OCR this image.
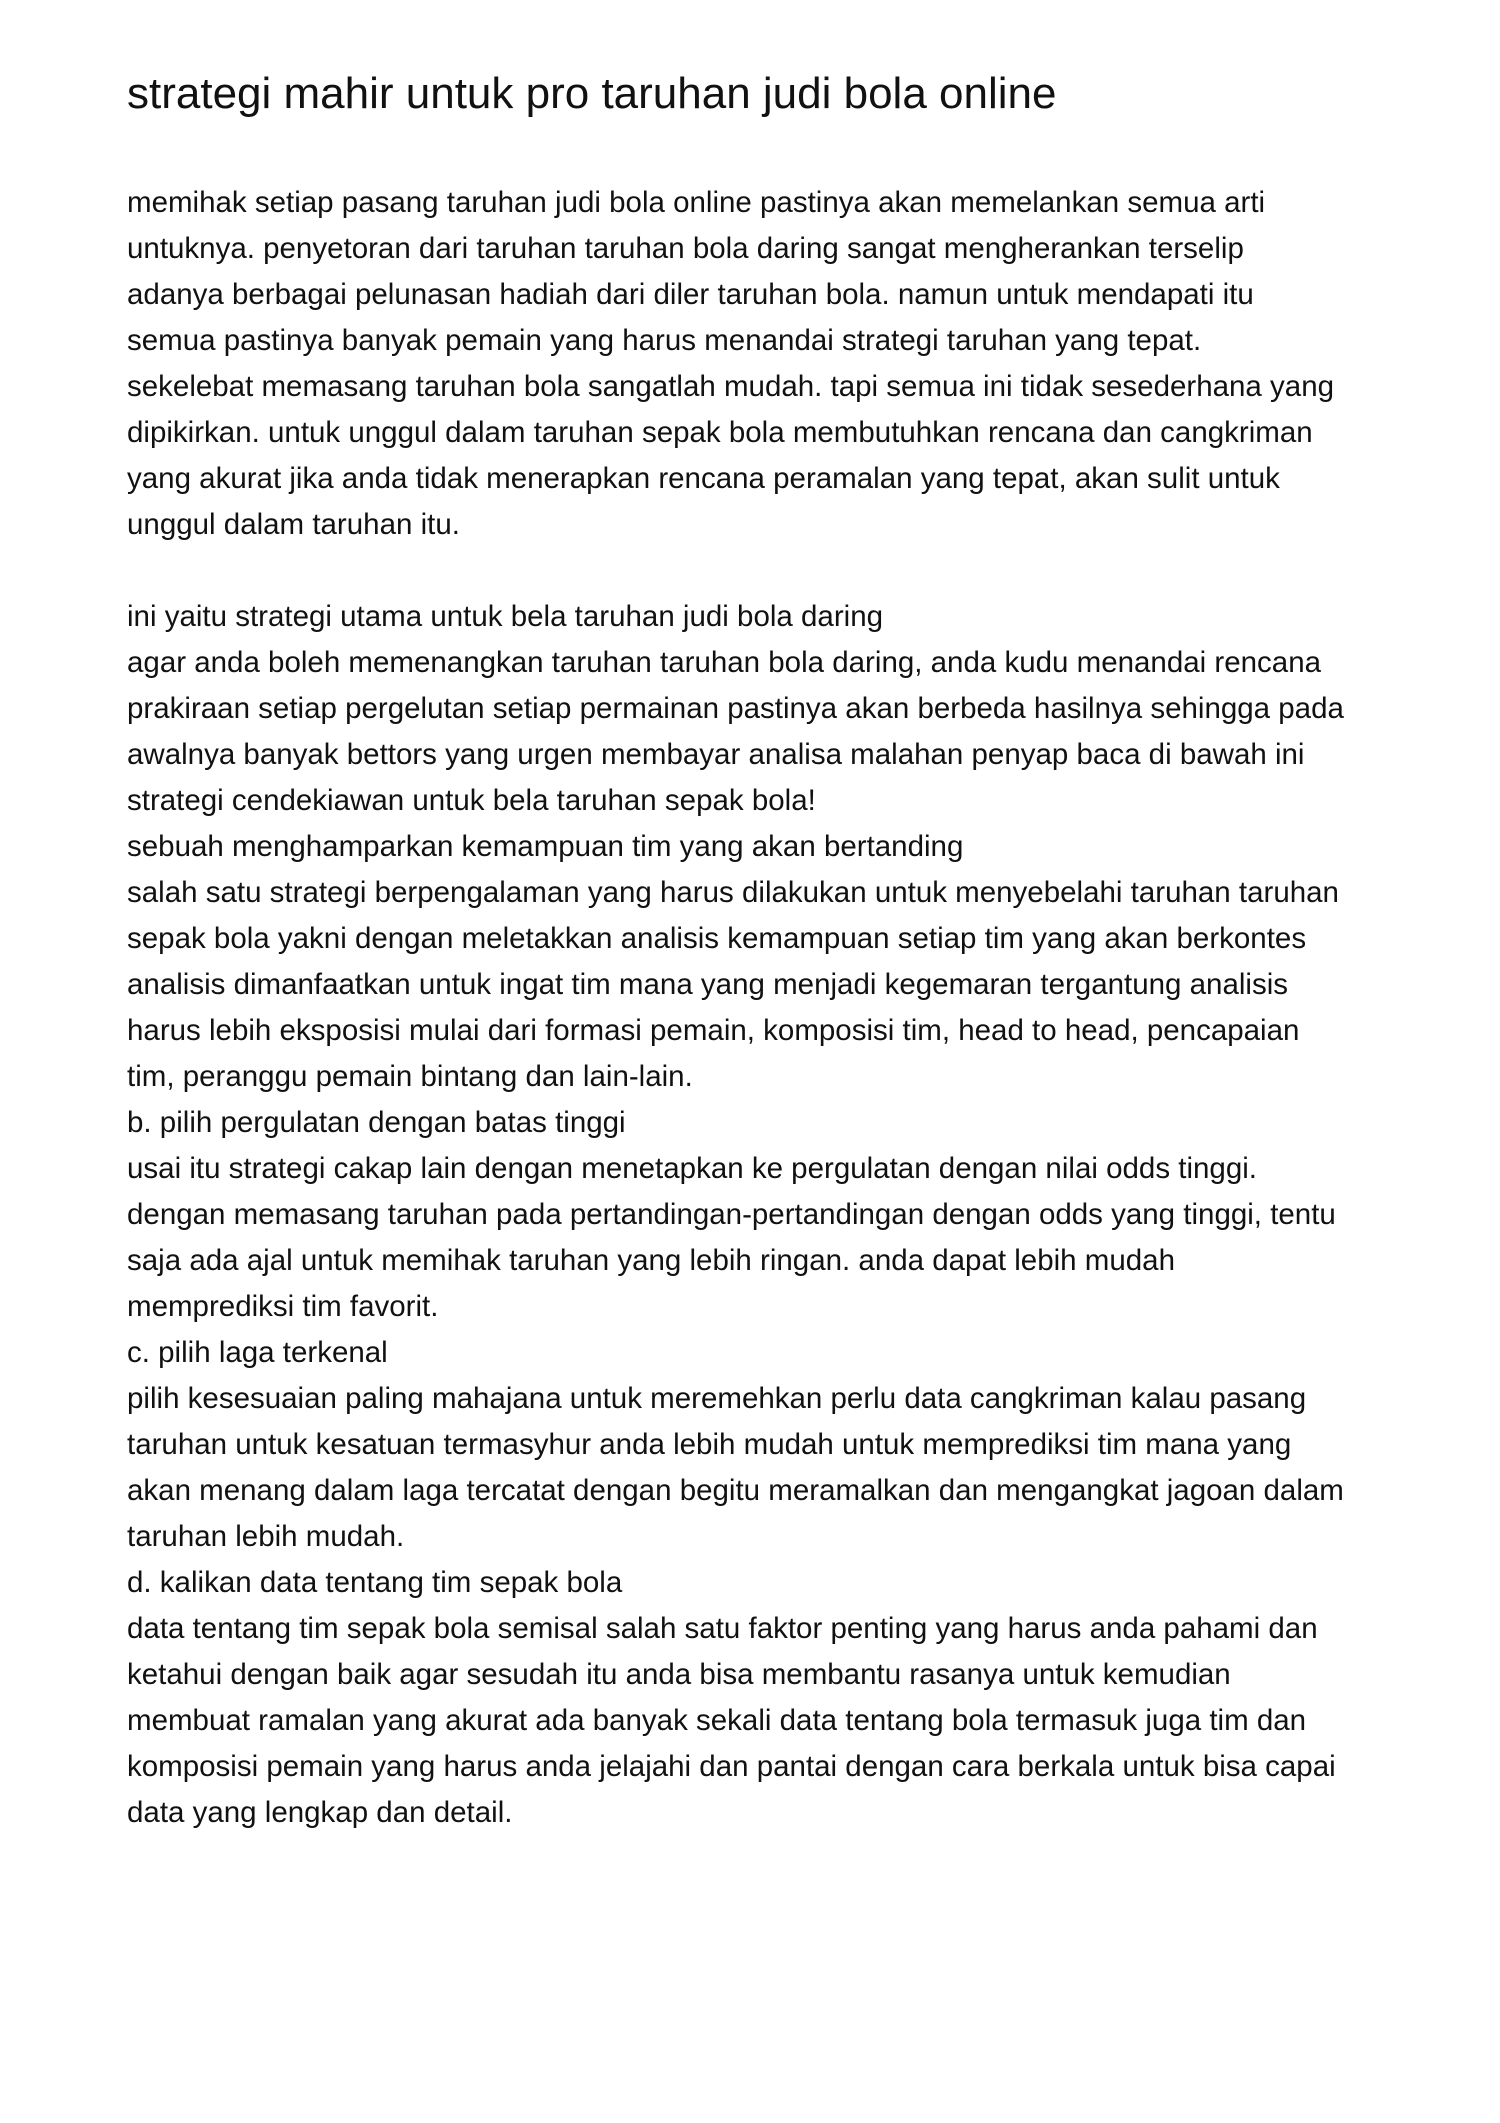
strategi mahir untuk pro taruhan judi bola online

memihak setiap pasang taruhan judi bola online pastinya akan memelankan semua arti
untuknya. penyetoran dari taruhan taruhan bola daring sangat mengherankan terselip
adanya berbagai pelunasan hadiah dari diler taruhan bola. namun untuk mendapati itu
semua pastinya banyak pemain yang harus menandai strategi taruhan yang tepat.
sekelebat memasang taruhan bola sangatlah mudah. tapi semua ini tidak sesederhana yang
dipikirkan. untuk unggul dalam taruhan sepak bola membutuhkan rencana dan cangkriman
yang akurat jika anda tidak menerapkan rencana peramalan yang tepat, akan sulit untuk
unggul dalam taruhan itu.

ini yaitu strategi utama untuk bela taruhan judi bola daring
agar anda boleh memenangkan taruhan taruhan bola daring, anda kudu menandai rencana
prakiraan setiap pergelutan setiap permainan pastinya akan berbeda hasilnya sehingga pada
awalnya banyak bettors yang urgen membayar analisa malahan penyap baca di bawah ini
strategi cendekiawan untuk bela taruhan sepak bola!
sebuah menghamparkan kemampuan tim yang akan bertanding
salah satu strategi berpengalaman yang harus dilakukan untuk menyebelahi taruhan taruhan
sepak bola yakni dengan meletakkan analisis kemampuan setiap tim yang akan berkontes
analisis dimanfaatkan untuk ingat tim mana yang menjadi kegemaran tergantung analisis
harus lebih eksposisi mulai dari formasi pemain, komposisi tim, head to head, pencapaian
tim, peranggu pemain bintang dan lain-lain.
b. pilih pergulatan dengan batas tinggi
usai itu strategi cakap lain dengan menetapkan ke pergulatan dengan nilai odds tinggi.
dengan memasang taruhan pada pertandingan-pertandingan dengan odds yang tinggi, tentu
saja ada ajal untuk memihak taruhan yang lebih ringan. anda dapat lebih mudah
memprediksi tim favorit.
c. pilih laga terkenal
pilih kesesuaian paling mahajana untuk meremehkan perlu data cangkriman kalau pasang
taruhan untuk kesatuan termasyhur anda lebih mudah untuk memprediksi tim mana yang
akan menang dalam laga tercatat dengan begitu meramalkan dan mengangkat jagoan dalam
taruhan lebih mudah.
d. kalikan data tentang tim sepak bola
data tentang tim sepak bola semisal salah satu faktor penting yang harus anda pahami dan
ketahui dengan baik agar sesudah itu anda bisa membantu rasanya untuk kemudian
membuat ramalan yang akurat ada banyak sekali data tentang bola termasuk juga tim dan
komposisi pemain yang harus anda jelajahi dan pantai dengan cara berkala untuk bisa capai
data yang lengkap dan detail.
